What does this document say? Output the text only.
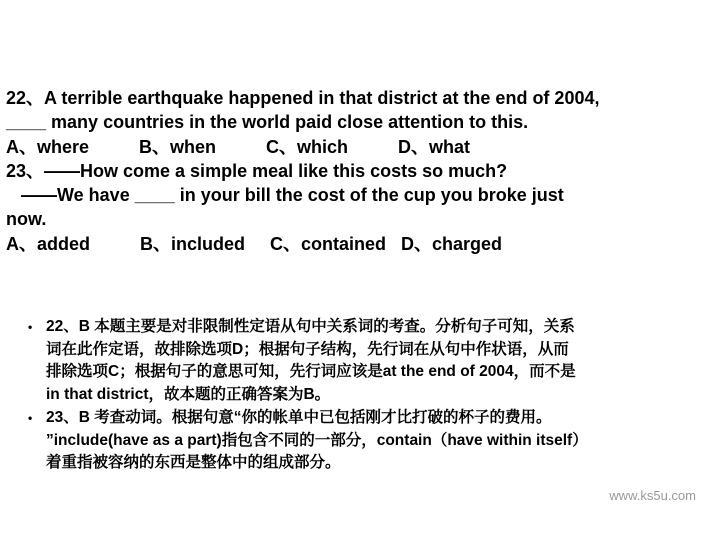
22、A terrible earthquake happened in that district at the end of 2004,
____ many countries in the world paid close attention to this.
A、where          B、when          C、which          D、what
23、——How come a simple meal like this costs so much?
——We have ____ in your bill the cost of the cup you broke just
now.
A、added          B、included     C、contained   D、charged
• 22、B 本题主要是对非限制性定语从句中关系词的考查。分析句子可知，关系
词在此作定语，故排除选项D；根据句子结构，先行词在从句中作状语，从而
排除选项C；根据句子的意思可知，先行词应该是at the end of 2004，而不是
in that district，故本题的正确答案为B。
• 23、B 考查动词。根据句意“你的帐单中已包括刚才比打破的杯子的费用。
”include(have as a part)指包含不同的一部分，contain（have within itself）
着重指被容纳的东西是整体中的组成部分。
www.ks5u.com
